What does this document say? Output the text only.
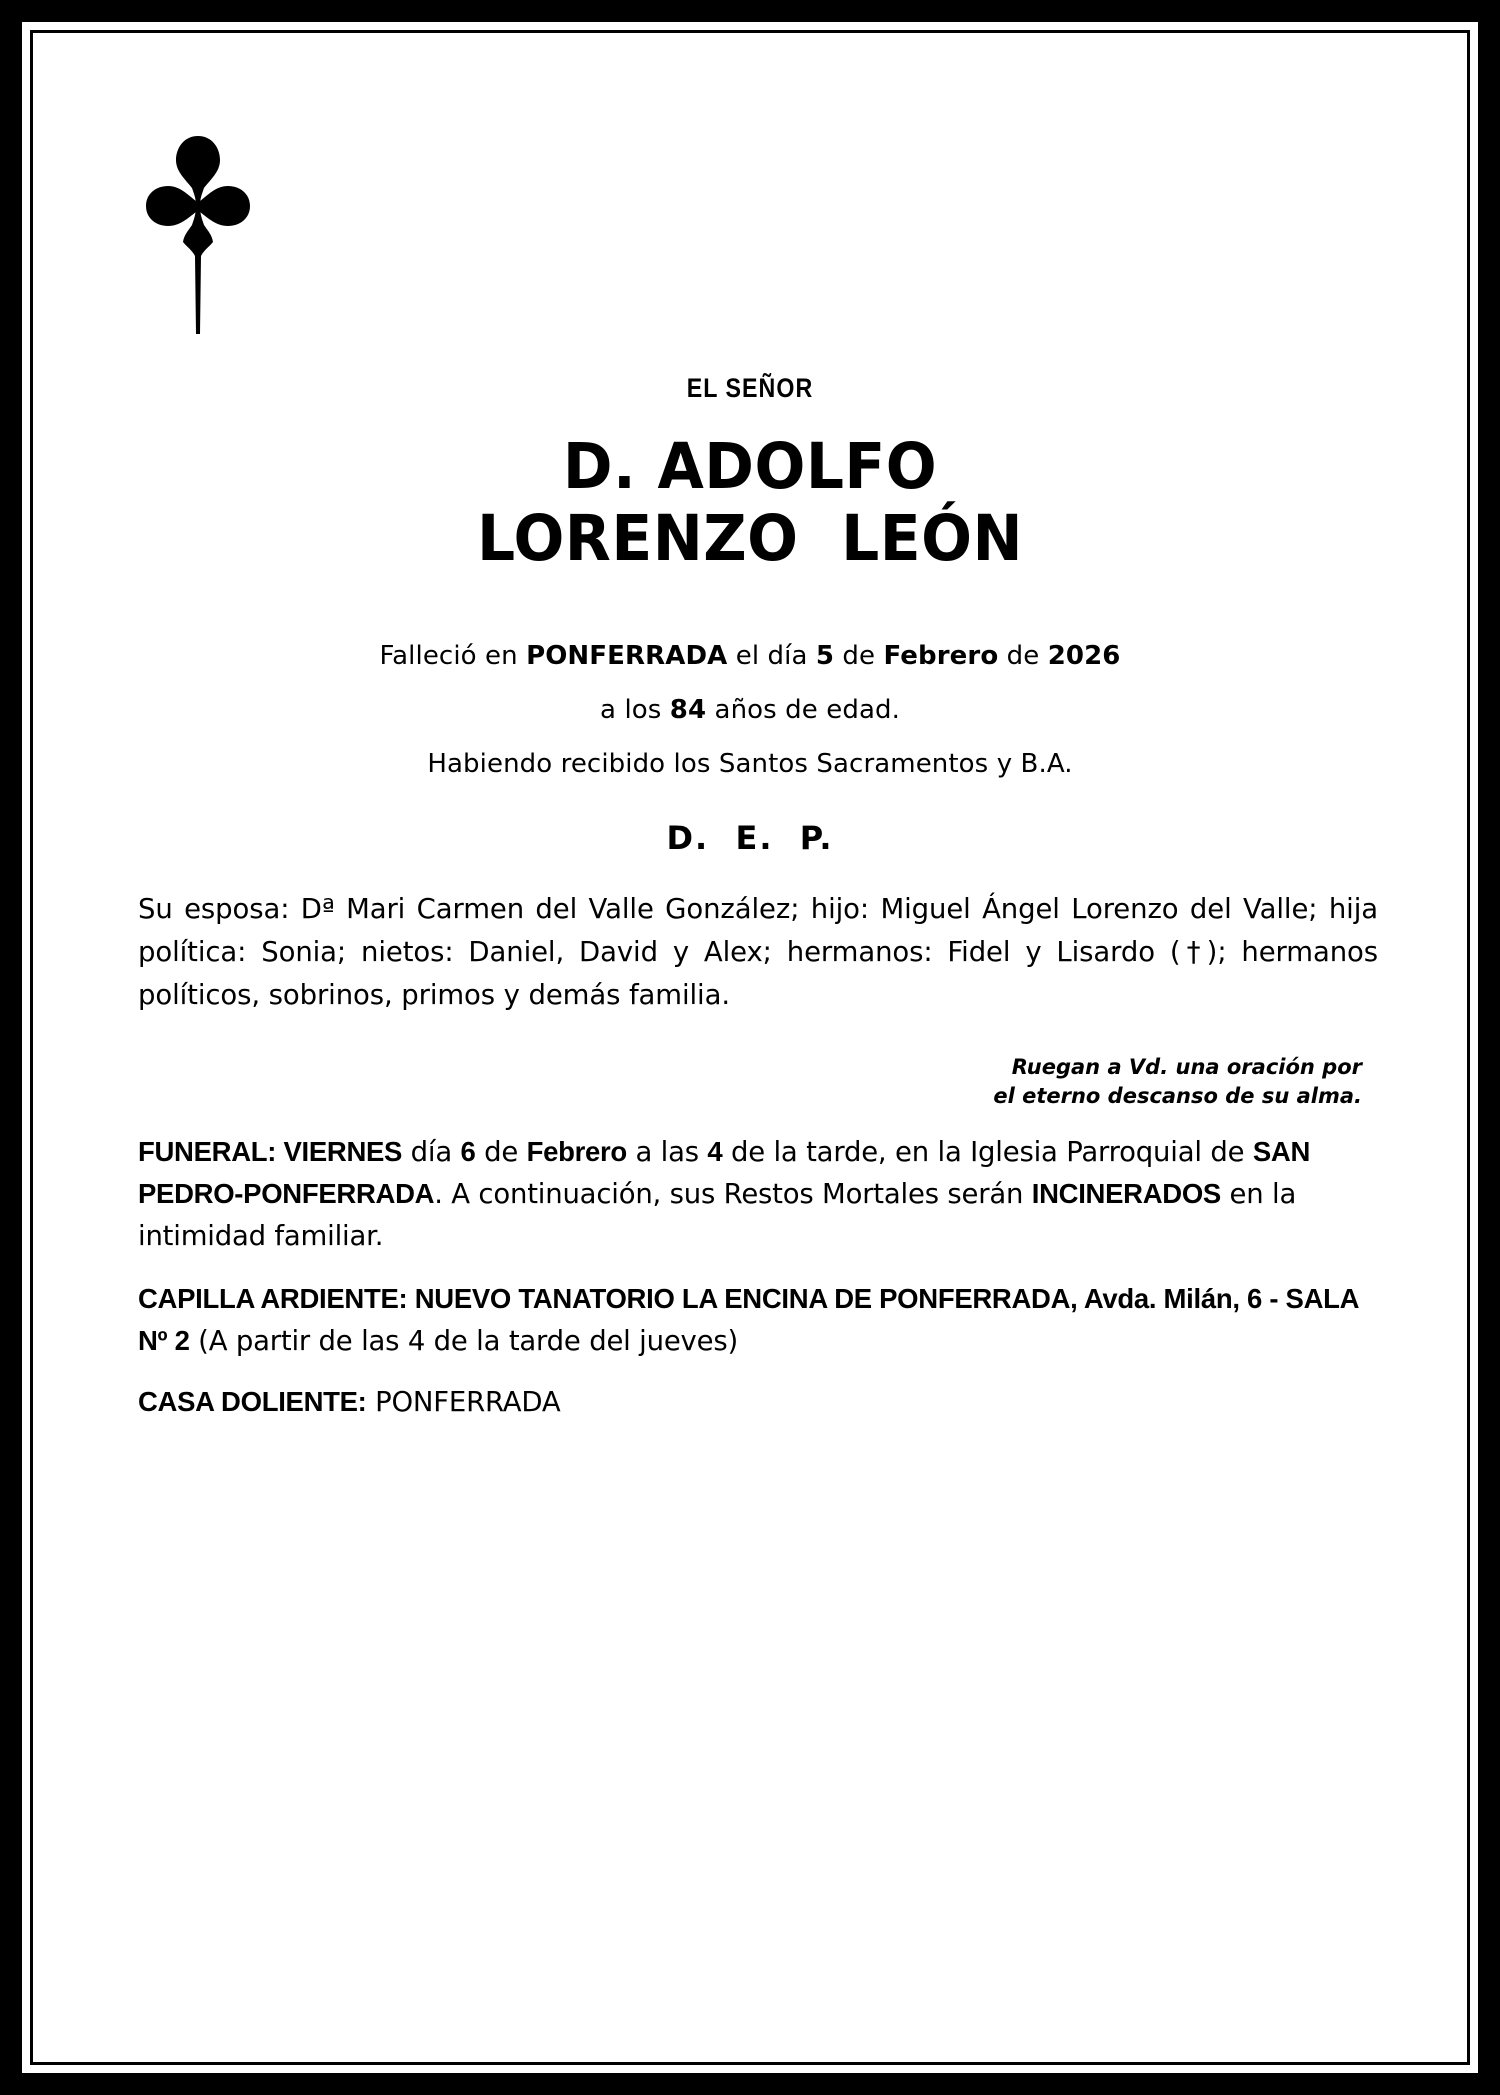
EL SEÑOR
D. ADOLFO
LORENZO  LEÓN
Falleció en PONFERRADA el día 5 de Febrero de 2026
a los 84 años de edad.
Habiendo recibido los Santos Sacramentos y B.A.
D.  E.  P.
Su esposa: Dª Mari Carmen del Valle González; hijo: Miguel Ángel Lorenzo del Valle; hija política: Sonia; nietos: Daniel, David y Alex; hermanos: Fidel y Lisardo (†); hermanos políticos, sobrinos, primos y demás familia.
Ruegan a Vd. una oración por
el eterno descanso de su alma.
FUNERAL: VIERNES día 6 de Febrero a las 4 de la tarde, en la Iglesia Parroquial de SAN PEDRO-PONFERRADA. A continuación, sus Restos Mortales serán INCINERADOS en la intimidad familiar.
CAPILLA ARDIENTE: NUEVO TANATORIO LA ENCINA DE PONFERRADA, Avda. Milán, 6 - SALA Nº 2 (A partir de las 4 de la tarde del jueves)
CASA DOLIENTE: PONFERRADA
